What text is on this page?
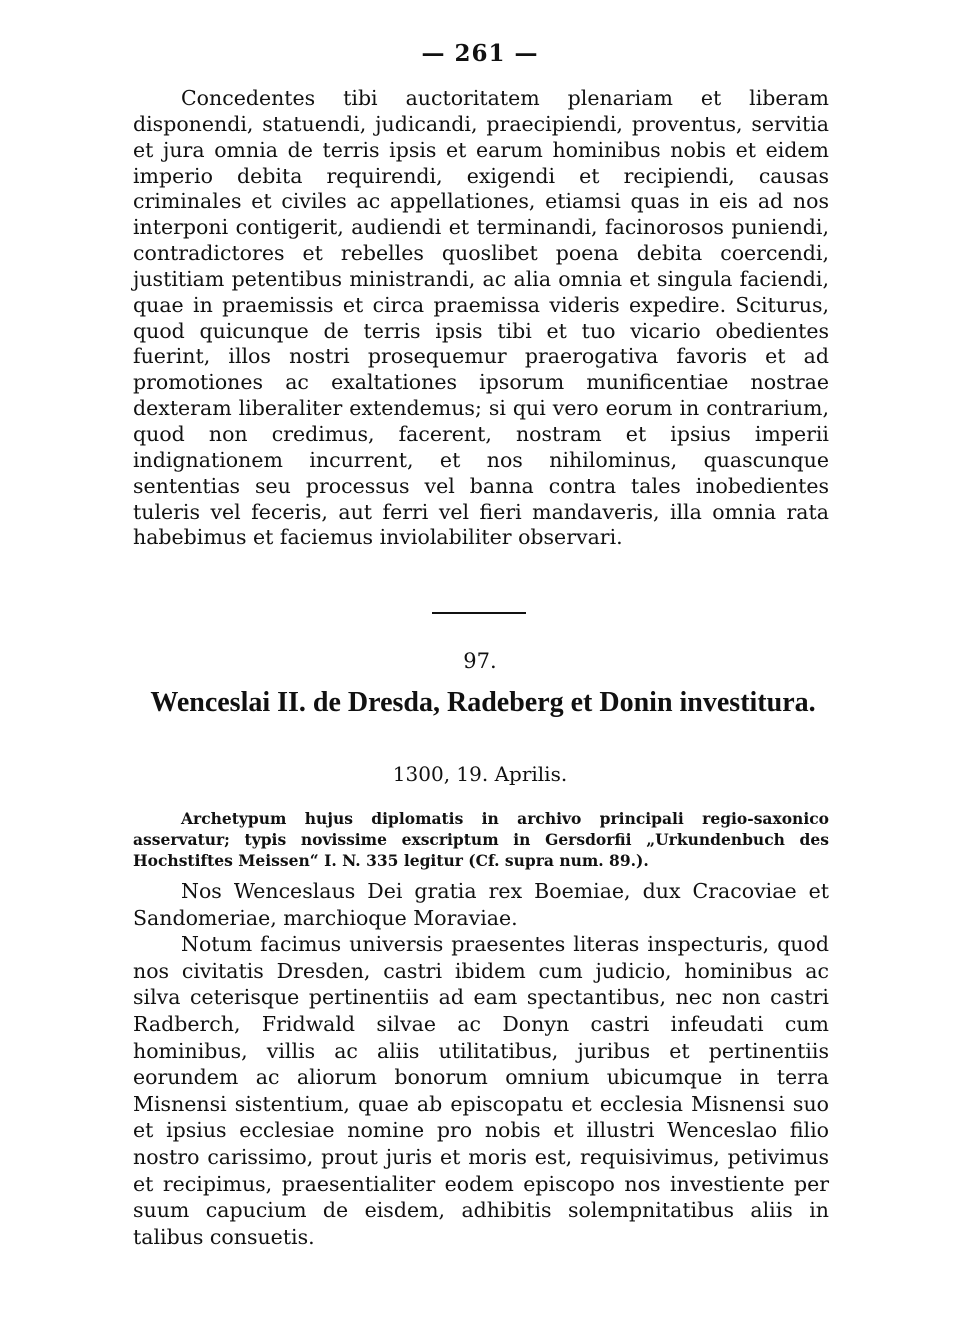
— 261 —

Concedentes tibi auctoritatem plenariam et liberam disponendi, statuendi, judicandi, praecipiendi, proventus, servitia et jura omnia de terris ipsis et earum hominibus nobis et eidem imperio debita requirendi, exigendi et recipiendi, causas criminales et civiles ac appellationes, etiamsi quas in eis ad nos interponi contigerit, audiendi et terminandi, facinorosos puniendi, contradictores et rebelles quoslibet poena debita coercendi, justitiam petentibus ministrandi, ac alia omnia et singula faciendi, quae in praemissis et circa praemissa videris expedire. Sciturus, quod quicunque de terris ipsis tibi et tuo vicario obedientes fuerint, illos nostri prosequemur praerogativa favoris et ad promotiones ac exaltationes ipsorum munificentiae nostrae dexteram liberaliter extendemus; si qui vero eorum in contrarium, quod non credimus, facerent, nostram et ipsius imperii indignationem incurrent, et nos nihilominus, quascunque sententias seu processus vel banna contra tales inobedientes tuleris vel feceris, aut ferri vel fieri mandaveris, illa omnia rata habebimus et faciemus inviolabiliter observari.

97.
Wenceslai II. de Dresda, Radeberg et Donin investitura.
1300, 19. Aprilis.

Archetypum hujus diplomatis in archivo principali regio-saxonico asservatur; typis novissime exscriptum in Gersdorfii „Urkundenbuch des Hochstiftes Meissen“ I. N. 335 legitur (Cf. supra num. 89.).

Nos Wenceslaus Dei gratia rex Boemiae, dux Cracoviae et Sandomeriae, marchioque Moraviae.

Notum facimus universis praesentes literas inspecturis, quod nos civitatis Dresden, castri ibidem cum judicio, hominibus ac silva ceterisque pertinentiis ad eam spectantibus, nec non castri Radberch, Fridwald silvae ac Donyn castri infeudati cum hominibus, villis ac aliis utilitatibus, juribus et pertinentiis eorundem ac aliorum bonorum omnium ubicumque in terra Misnensi sistentium, quae ab episcopatu et ecclesia Misnensi suo et ipsius ecclesiae nomine pro nobis et illustri Wenceslao filio nostro carissimo, prout juris et moris est, requisivimus, petivimus et recipimus, praesentialiter eodem episcopo nos investiente per suum capucium de eisdem, adhibitis solempnitatibus aliis in talibus consuetis.
